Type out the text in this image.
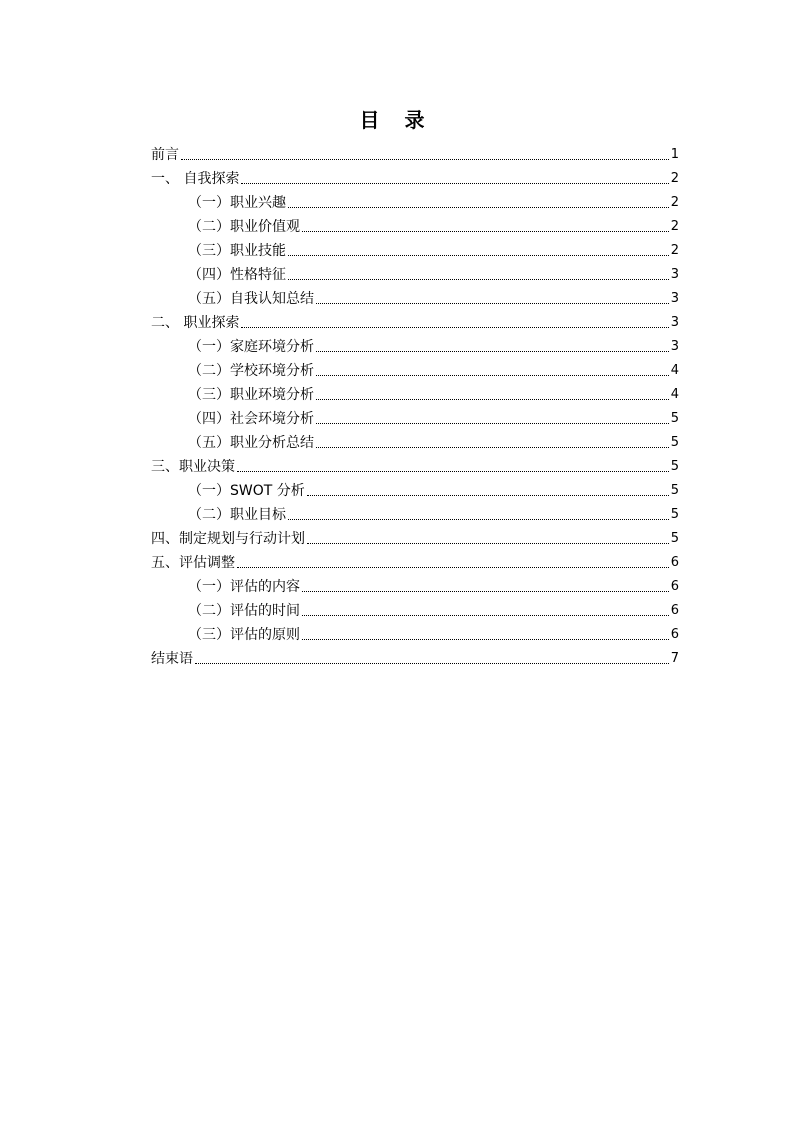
目 录
前言	1
一、 自我探索	2
（一）职业兴趣	2
（二）职业价值观	2
（三）职业技能	2
（四）性格特征	3
（五）自我认知总结	3
二、 职业探索	3
（一）家庭环境分析	3
（二）学校环境分析	4
（三）职业环境分析	4
（四）社会环境分析	5
（五）职业分析总结	5
三、职业决策	5
（一）SWOT 分析	5
（二）职业目标	5
四、制定规划与行动计划	5
五、评估调整	6
（一）评估的内容	6
（二）评估的时间	6
（三）评估的原则	6
结束语	7
